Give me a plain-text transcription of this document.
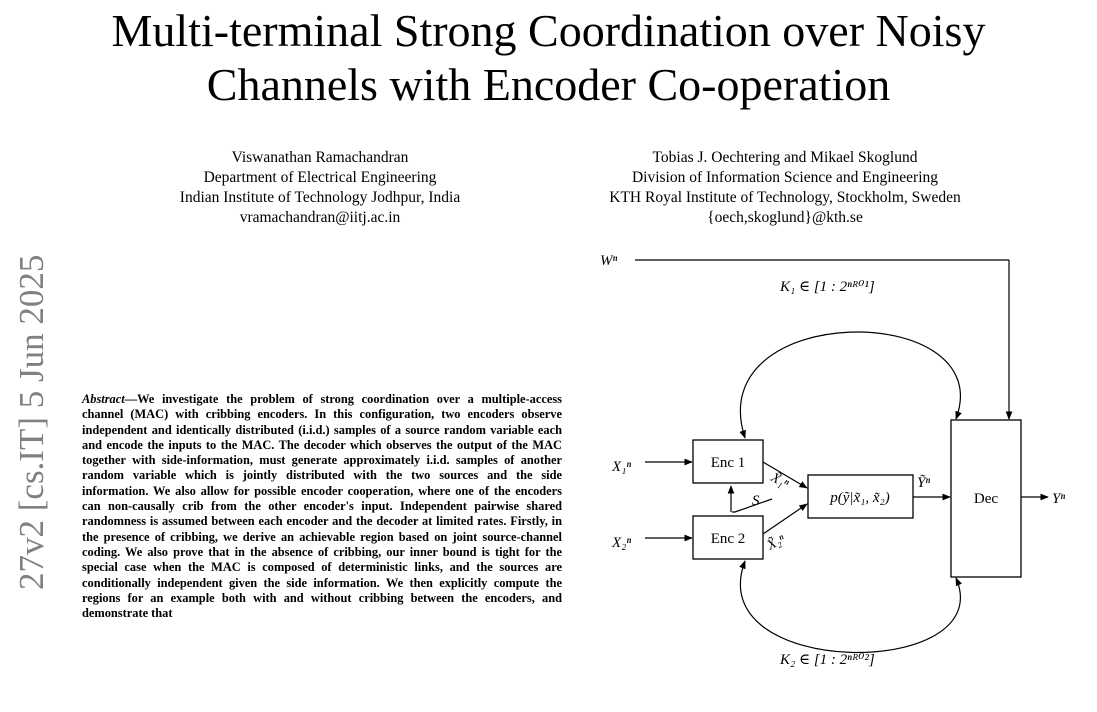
Multi-terminal Strong Coordination over Noisy
Channels with Encoder Co-operation
Viswanathan Ramachandran
Department of Electrical Engineering
Indian Institute of Technology Jodhpur, India
vramachandran@iitj.ac.in
Tobias J. Oechtering and Mikael Skoglund
Division of Information Science and Engineering
KTH Royal Institute of Technology, Stockholm, Sweden
{oech,skoglund}@kth.se
27v2 [cs.IT] 5 Jun 2025	Abstract—We investigate the problem of strong coordination over a multiple-access channel (MAC) with cribbing encoders. In this configuration, two encoders observe independent and identically distributed (i.i.d.) samples of a source random variable each and encode the inputs to the MAC. The decoder which observes the output of the MAC together with side-information, must generate approximately i.i.d. samples of another random variable which is jointly distributed with the two sources and the side information. We also allow for possible encoder cooperation, where one of the encoders can non-causally crib from the other encoder's input. Independent pairwise shared randomness is assumed between each encoder and the decoder at limited rates. Firstly, in the presence of cribbing, we derive an achievable region based on joint source-channel coding. We also prove that in the absence of cribbing, our inner bound is tight for the special case when the MAC is composed of deterministic links, and the sources are conditionally independent given the side information. We then explicitly compute the regions for an example both with and without cribbing between the encoders, and demonstrate that

Enc 1
Enc 2
p(ỹ|x̃₁, x̃₂)	Dec
Wⁿ
K₁ ∈ [1 : 2ⁿᴿ⁰¹]
X₁ⁿ
X₂ⁿ
S
X̃₁ⁿ
X̃₂ⁿ
Ỹⁿ
Yⁿ
K₂ ∈ [1 : 2ⁿᴿ⁰²]
